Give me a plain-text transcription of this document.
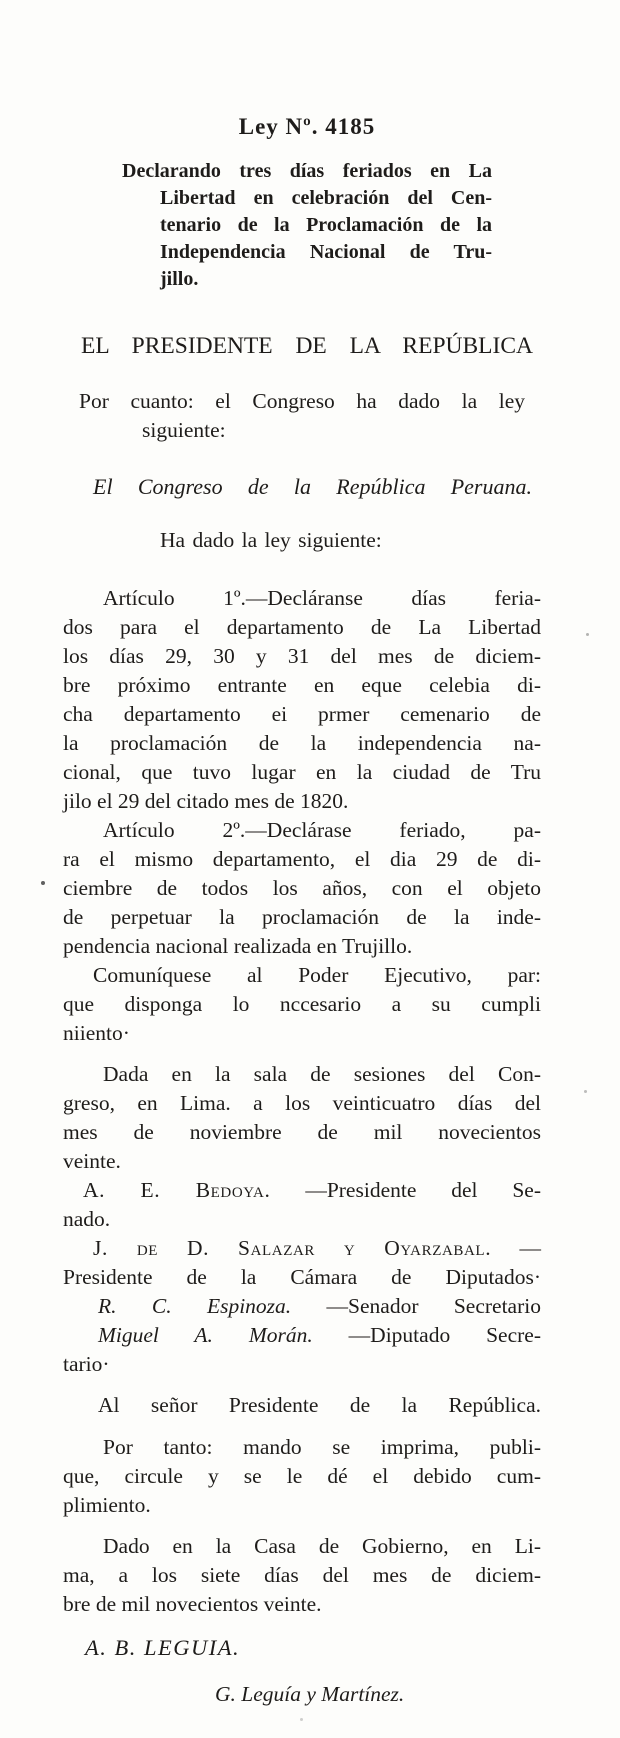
Ley Nº. 4185
Declarando tres días feriados en La
Libertad en celebración del Cen-
tenario de la Proclamación de la
Independencia Nacional de Tru-
jillo.
EL PRESIDENTE DE LA REPÚBLICA
Por cuanto: el Congreso ha dado la ley
siguiente:
El Congreso de la República Peruana.
Ha dado la ley siguiente:
Artículo 1º.—Decláranse días feria-
dos para el departamento de La Libertad
los días 29, 30 y 31 del mes de diciem-
bre próximo entrante en eque celebia di-
cha departamento ei prmer cemenario de
la proclamación de la independencia na-
cional, que tuvo lugar en la ciudad de Tru
jilo el 29 del citado mes de 1820.
Artículo 2º.—Declárase feriado, pa-
ra el mismo departamento, el dia 29 de di-
ciembre de todos los años, con el objeto
de perpetuar la proclamación de la inde-
pendencia nacional realizada en Trujillo.
Comuníquese al Poder Ejecutivo, par:
que disponga lo nccesario a su cumpli
niiento·
Dada en la sala de sesiones del Con-
greso, en Lima. a los veinticuatro días del
mes de noviembre de mil novecientos
veinte.
A. E. Bedoya. —Presidente del Se-
nado.
J. de D. Salazar y Oyarzabal. —
Presidente de la Cámara de Diputados·
R. C. Espinoza. —Senador Secretario
Miguel A. Morán. —Diputado Secre-
tario·
Al señor Presidente de la República.
Por tanto: mando se imprima, publi-
que, circule y se le dé el debido cum-
plimiento.
Dado en la Casa de Gobierno, en Li-
ma, a los siete días del mes de diciem-
bre de mil novecientos veinte.
A. B. LEGUIA.
G. Leguía y Martínez.
